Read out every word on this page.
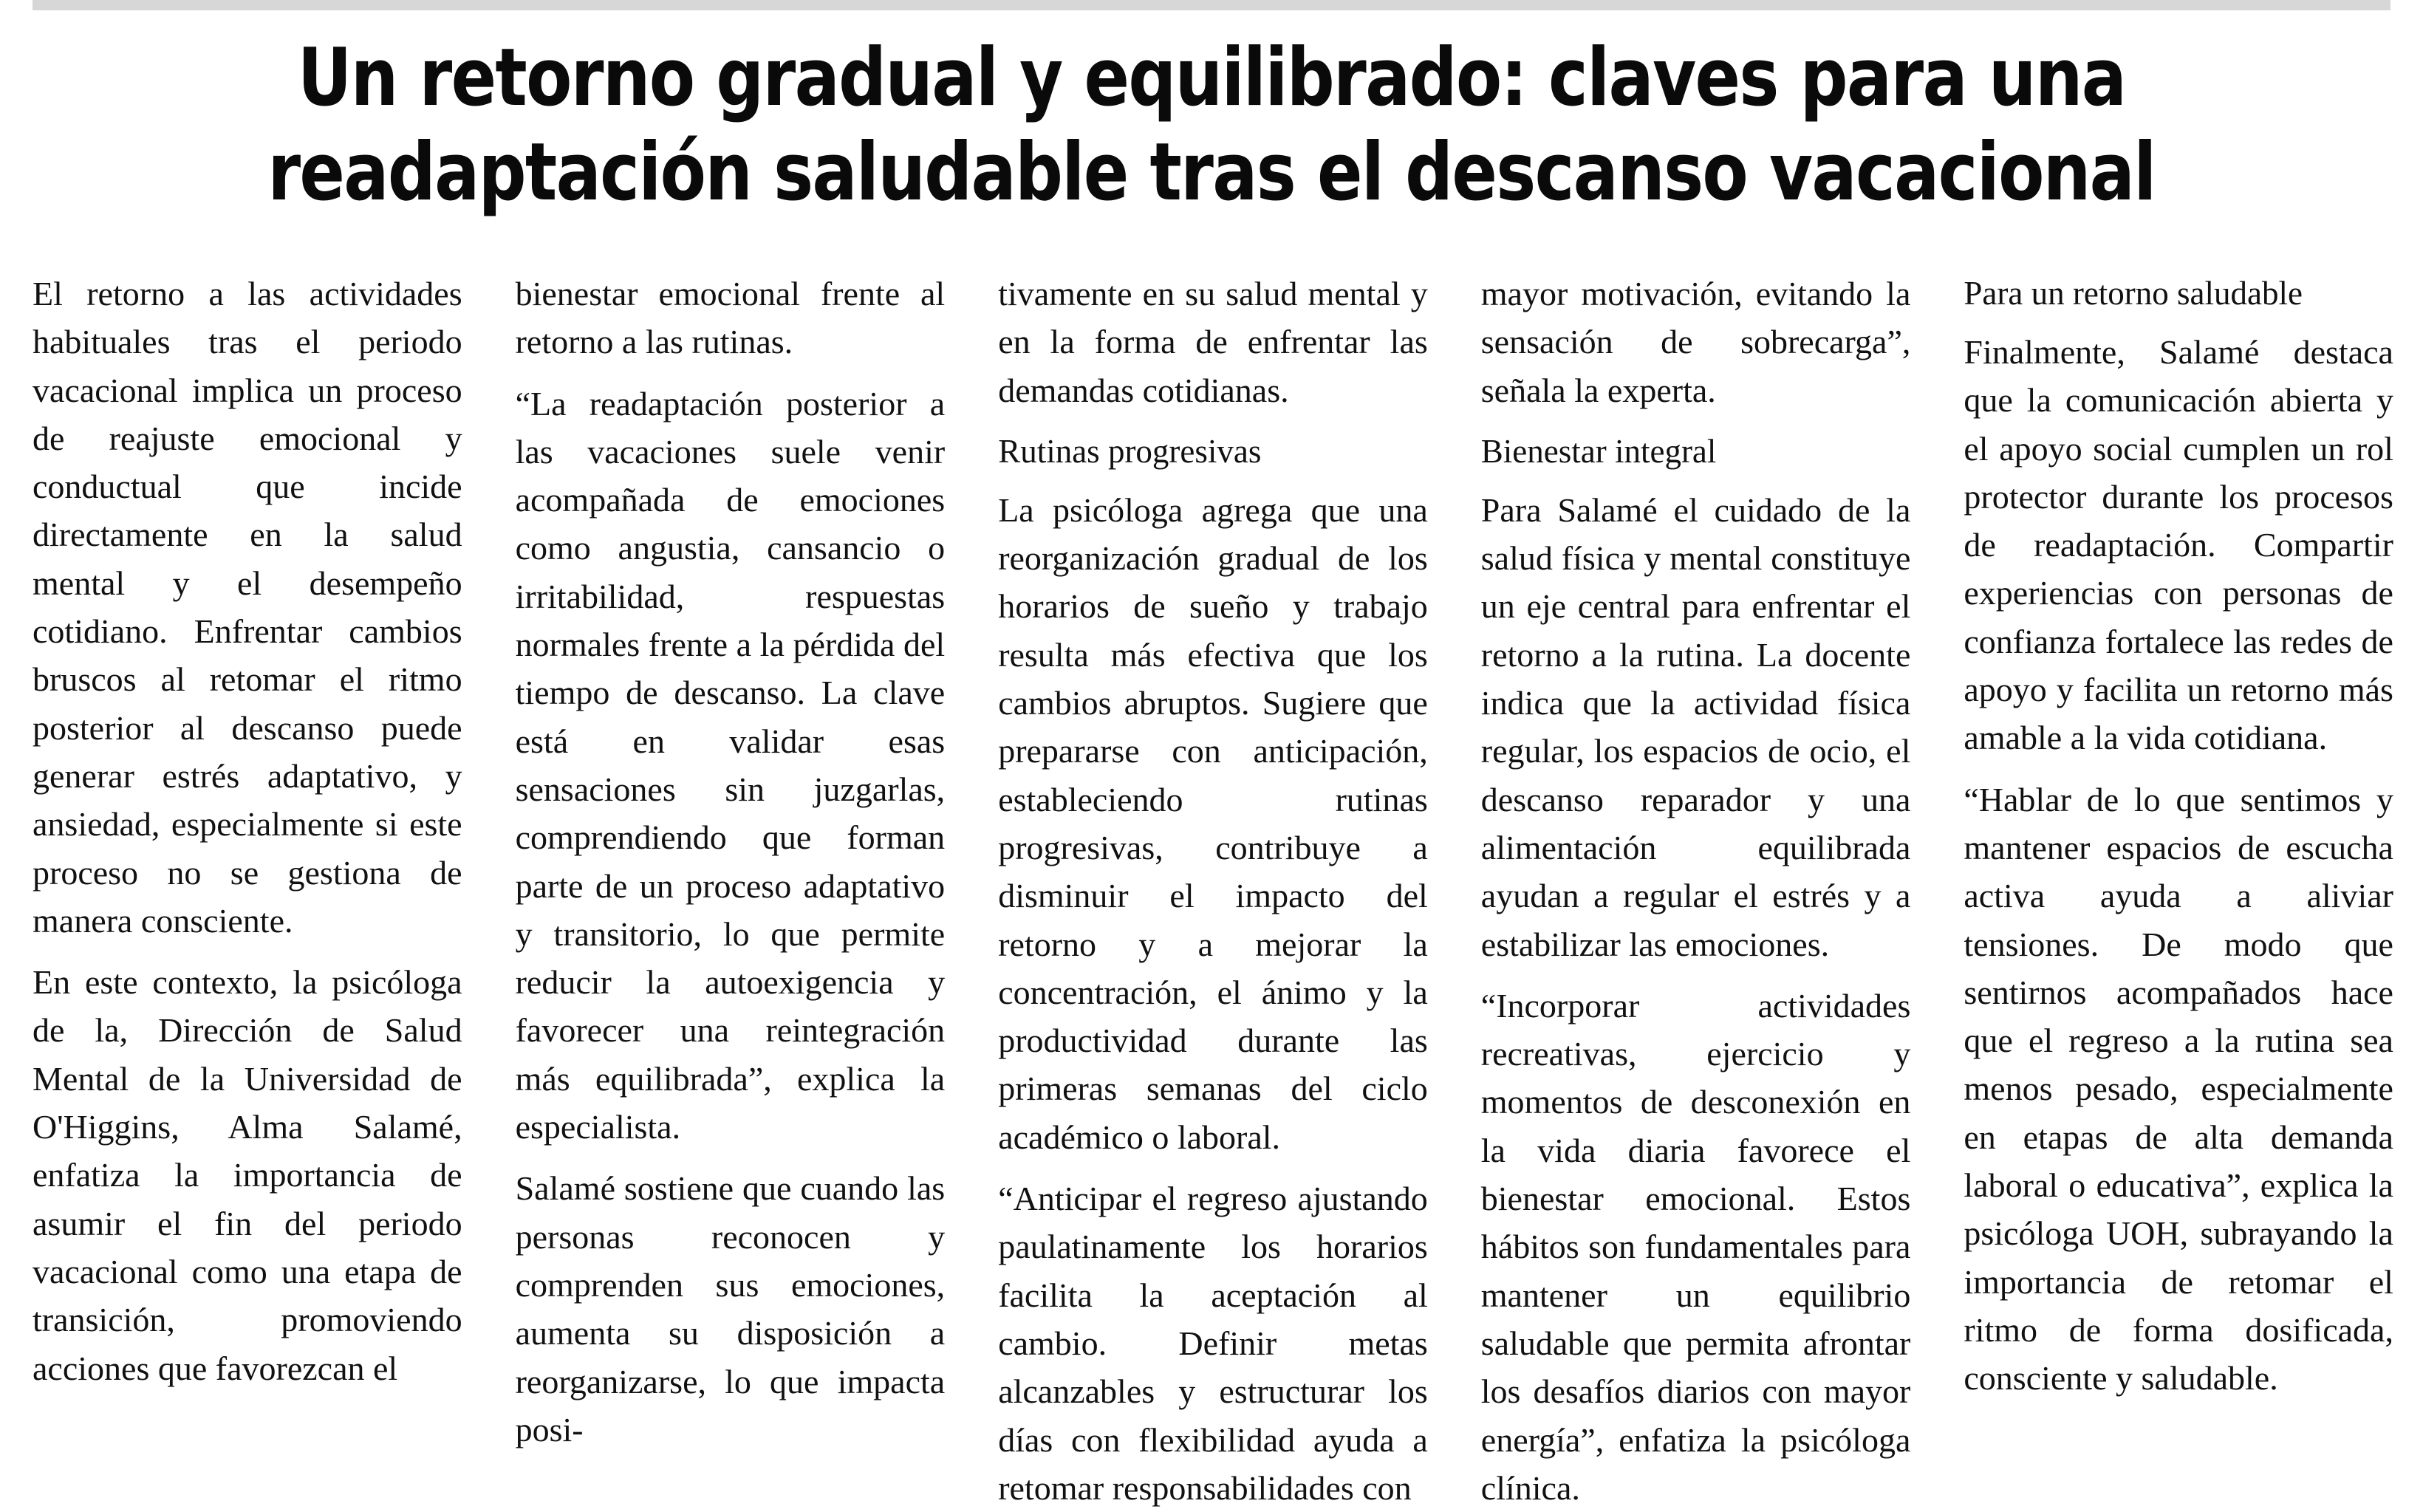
Un retorno gradual y equilibrado: claves para una
readaptación saludable tras el descanso vacacional

El retorno a las actividades habituales tras el periodo vacacional implica un proceso de reajuste emocional y conductual que incide directamente en la salud mental y el desempeño cotidiano. Enfrentar cambios bruscos al retomar el ritmo posterior al descanso puede generar estrés adaptativo, y ansiedad, especialmente si este proceso no se gestiona de manera consciente.

En este contexto, la psicóloga de la, Dirección de Salud Mental de la Universidad de O'Higgins, Alma Salamé, enfatiza la importancia de asumir el fin del periodo vacacional como una etapa de transición, promoviendo acciones que favorezcan el

bienestar emocional frente al retorno a las rutinas.

“La readaptación posterior a las vacaciones suele venir acompañada de emociones como angustia, cansancio o irritabilidad, respuestas normales frente a la pérdida del tiempo de descanso. La clave está en validar esas sensaciones sin juzgarlas, comprendiendo que forman parte de un proceso adaptativo y transitorio, lo que permite reducir la autoexigencia y favorecer una reintegración más equilibrada”, explica la especialista.

Salamé sostiene que cuando las personas reconocen y comprenden sus emociones, aumenta su disposición a reorganizarse, lo que impacta posi-

tivamente en su salud mental y en la forma de enfrentar las demandas cotidianas.

Rutinas progresivas

La psicóloga agrega que una reorganización gradual de los horarios de sueño y trabajo resulta más efectiva que los cambios abruptos. Sugiere que prepararse con anticipación, estableciendo rutinas progresivas, contribuye a disminuir el impacto del retorno y a mejorar la concentración, el ánimo y la productividad durante las primeras semanas del ciclo académico o laboral.

“Anticipar el regreso ajustando paulatinamente los horarios facilita la aceptación al cambio. Definir metas alcanzables y estructurar los días con flexibilidad ayuda a retomar responsabilidades con

mayor motivación, evitando la sensación de sobrecarga”, señala la experta.

Bienestar integral

Para Salamé el cuidado de la salud física y mental constituye un eje central para enfrentar el retorno a la rutina. La docente indica que la actividad física regular, los espacios de ocio, el descanso reparador y una alimentación equilibrada ayudan a regular el estrés y a estabilizar las emociones.

“Incorporar actividades recreativas, ejercicio y momentos de desconexión en la vida diaria favorece el bienestar emocional. Estos hábitos son fundamentales para mantener un equilibrio saludable que permita afrontar los desafíos diarios con mayor energía”, enfatiza la psicóloga clínica.

Para un retorno saludable

Finalmente, Salamé destaca que la comunicación abierta y el apoyo social cumplen un rol protector durante los procesos de readaptación. Compartir experiencias con personas de confianza fortalece las redes de apoyo y facilita un retorno más amable a la vida cotidiana.

“Hablar de lo que sentimos y mantener espacios de escucha activa ayuda a aliviar tensiones. De modo que sentirnos acompañados hace que el regreso a la rutina sea menos pesado, especialmente en etapas de alta demanda laboral o educativa”, explica la psicóloga UOH, subrayando la importancia de retomar el ritmo de forma dosificada, consciente y saludable.
